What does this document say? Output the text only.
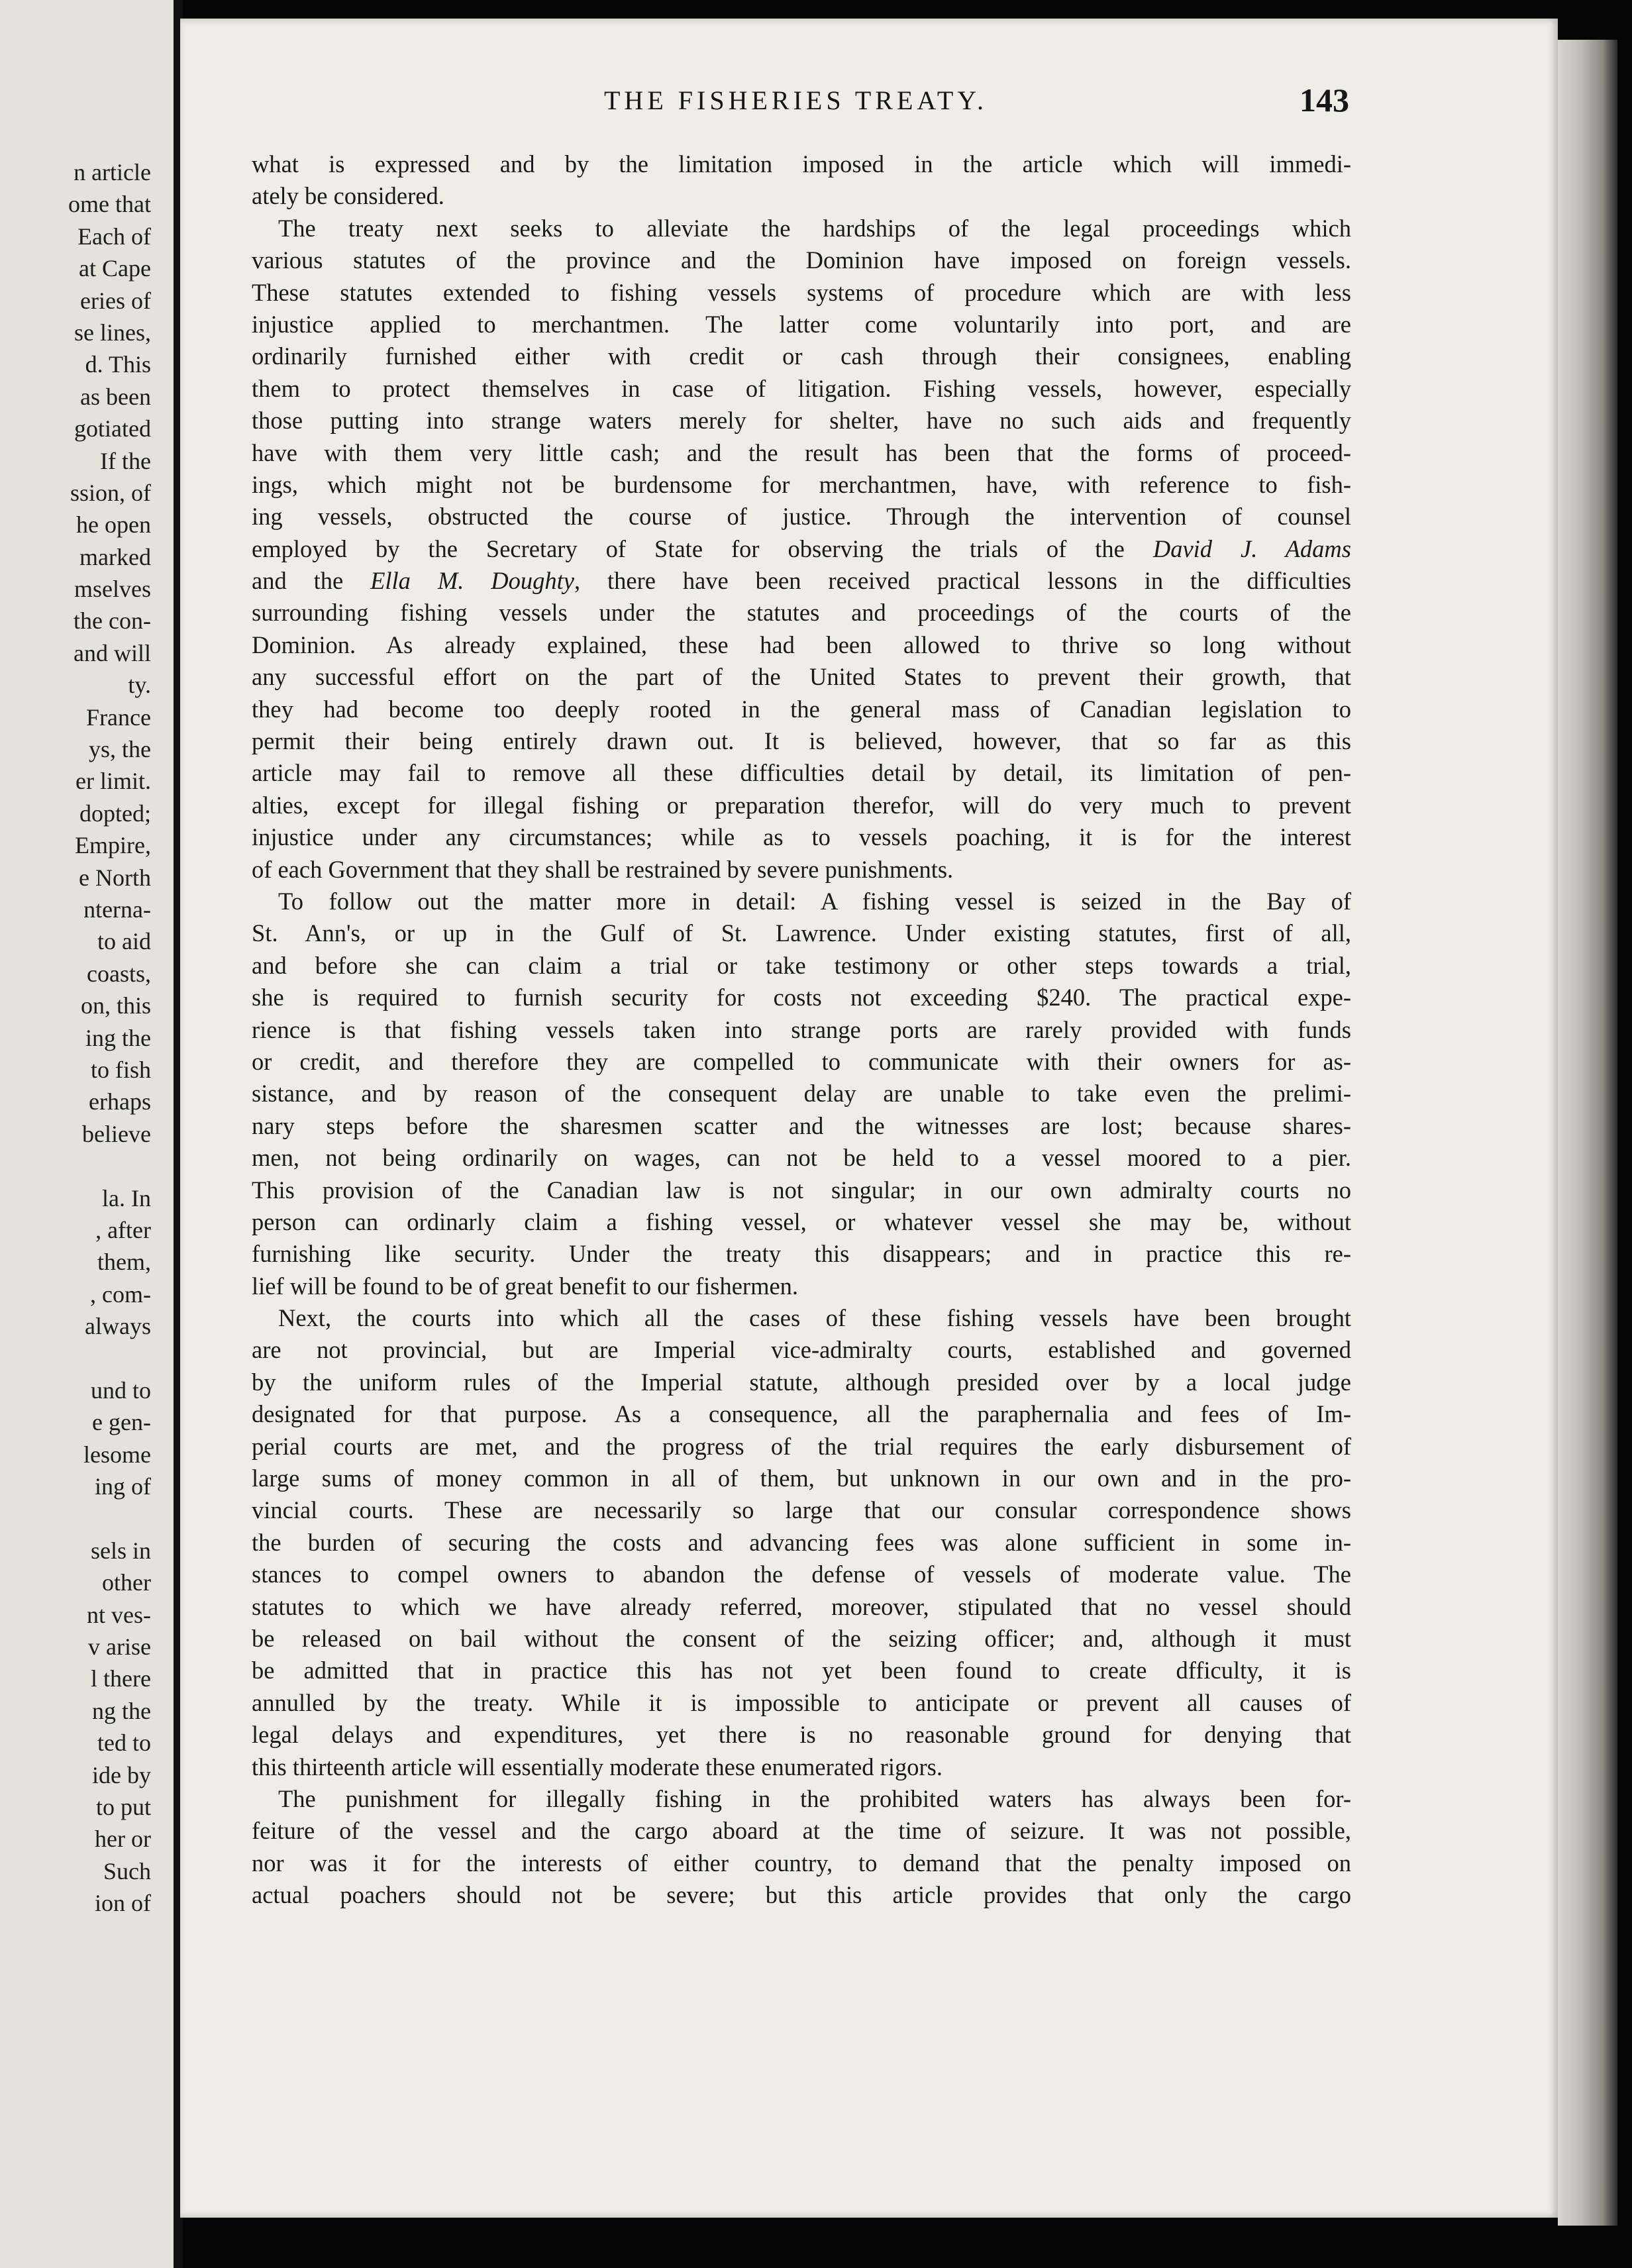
n article
ome that
Each of
at Cape
eries of
se lines,
d. This
as been
gotiated
If the
ssion, of
he open
marked
mselves
the con-
and will
ty.
France
ys, the
er limit.
dopted;
Empire,
e North
nterna-
to aid
coasts,
on, this
ing the
to fish
erhaps
believe
la. In
, after
them,
, com-
always
und to
e gen-
lesome
ing of
sels in
other
nt ves-
v arise
l there
ng the
ted to
ide by
to put
her or
Such
ion of
THE FISHERIES TREATY.	143
what is expressed and by the limitation imposed in the article which will immedi-
ately be considered.
The treaty next seeks to alleviate the hardships of the legal proceedings which
various statutes of the province and the Dominion have imposed on foreign vessels.
These statutes extended to fishing vessels systems of procedure which are with less
injustice applied to merchantmen. The latter come voluntarily into port, and are
ordinarily furnished either with credit or cash through their consignees, enabling
them to protect themselves in case of litigation. Fishing vessels, however, especially
those putting into strange waters merely for shelter, have no such aids and frequently
have with them very little cash; and the result has been that the forms of proceed-
ings, which might not be burdensome for merchantmen, have, with reference to fish-
ing vessels, obstructed the course of justice. Through the intervention of counsel
employed by the Secretary of State for observing the trials of the David J. Adams
and the Ella M. Doughty, there have been received practical lessons in the difficulties
surrounding fishing vessels under the statutes and proceedings of the courts of the
Dominion. As already explained, these had been allowed to thrive so long without
any successful effort on the part of the United States to prevent their growth, that
they had become too deeply rooted in the general mass of Canadian legislation to
permit their being entirely drawn out. It is believed, however, that so far as this
article may fail to remove all these difficulties detail by detail, its limitation of pen-
alties, except for illegal fishing or preparation therefor, will do very much to prevent
injustice under any circumstances; while as to vessels poaching, it is for the interest
of each Government that they shall be restrained by severe punishments.
To follow out the matter more in detail: A fishing vessel is seized in the Bay of
St. Ann's, or up in the Gulf of St. Lawrence. Under existing statutes, first of all,
and before she can claim a trial or take testimony or other steps towards a trial,
she is required to furnish security for costs not exceeding $240. The practical expe-
rience is that fishing vessels taken into strange ports are rarely provided with funds
or credit, and therefore they are compelled to communicate with their owners for as-
sistance, and by reason of the consequent delay are unable to take even the prelimi-
nary steps before the sharesmen scatter and the witnesses are lost; because shares-
men, not being ordinarily on wages, can not be held to a vessel moored to a pier.
This provision of the Canadian law is not singular; in our own admiralty courts no
person can ordinarly claim a fishing vessel, or whatever vessel she may be, without
furnishing like security. Under the treaty this disappears; and in practice this re-
lief will be found to be of great benefit to our fishermen.
Next, the courts into which all the cases of these fishing vessels have been brought
are not provincial, but are Imperial vice-admiralty courts, established and governed
by the uniform rules of the Imperial statute, although presided over by a local judge
designated for that purpose. As a consequence, all the paraphernalia and fees of Im-
perial courts are met, and the progress of the trial requires the early disbursement of
large sums of money common in all of them, but unknown in our own and in the pro-
vincial courts. These are necessarily so large that our consular correspondence shows
the burden of securing the costs and advancing fees was alone sufficient in some in-
stances to compel owners to abandon the defense of vessels of moderate value. The
statutes to which we have already referred, moreover, stipulated that no vessel should
be released on bail without the consent of the seizing officer; and, although it must
be admitted that in practice this has not yet been found to create dfficulty, it is
annulled by the treaty. While it is impossible to anticipate or prevent all causes of
legal delays and expenditures, yet there is no reasonable ground for denying that
this thirteenth article will essentially moderate these enumerated rigors.
The punishment for illegally fishing in the prohibited waters has always been for-
feiture of the vessel and the cargo aboard at the time of seizure. It was not possible,
nor was it for the interests of either country, to demand that the penalty imposed on
actual poachers should not be severe; but this article provides that only the cargo
